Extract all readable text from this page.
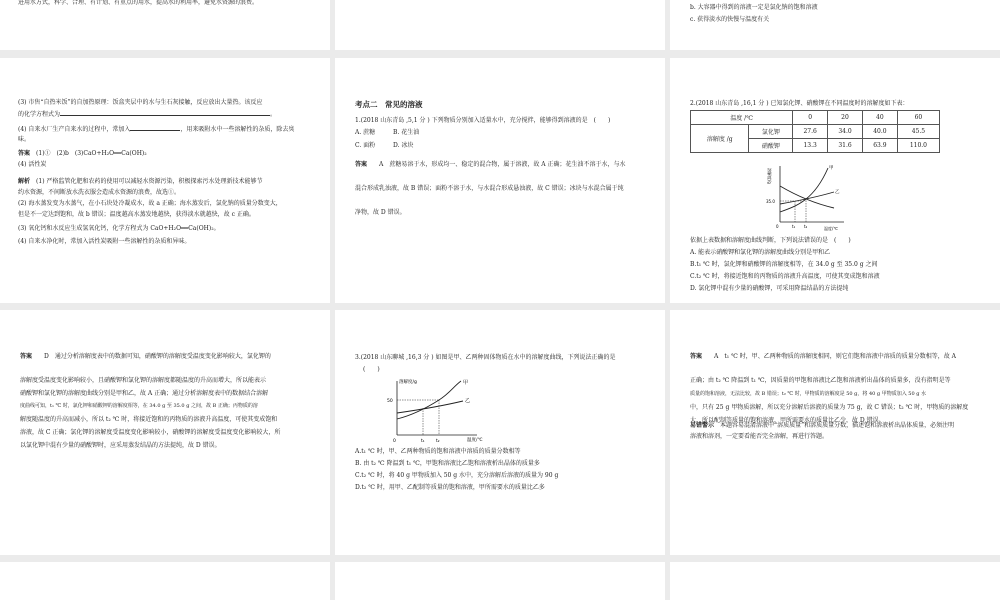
进用水方式，科学、合理、有计划、有重点的用水，提高水的利用率，避免水资源的浪费。
b. 大容器中得到的溶液一定是氯化钠的饱和溶液
c. 获得淡水的快慢与温度有关
(3) 市售“自热米饭”的自加热原理：饭盒夹层中的水与生石灰接触，反应放出大量热。该反应
的化学方程式为	。
(4) 自来水厂生产自来水的过程中，常加入	，用来吸附水中一些溶解性的杂质，除去臭
味。
答案　 (1)①　(2)b　(3)CaO+H₂O══Ca(OH)₂
(4) 活性炭
解析　 (1) 严格监管化肥和农药的使用可以减轻水资源污染，积极探索污水处理新技术能够节
约水资源，不间断放水洗衣服会造成水资源的浪费，故选①。
(2) 海水蒸发变为水蒸气，在小石块处冷凝成水，故 a 正确；海水蒸发后，氯化钠的质量分数变大，
但是不一定达到饱和，故 b 错误；温度越高水蒸发地越快，获得淡水就越快，故 c 正确。
(3) 氧化钙和水反应生成氢氧化钙，化学方程式为 CaO+H₂O══Ca(OH)₂。
(4) 自来水净化时，常加入活性炭吸附一些溶解性的杂质和异味。
考点二　常见的溶液
1.(2018 山东青岛 ,5,1 分 ) 下列物质分别加入适量水中，充分搅拌，能够得到溶液的是　(　　)
A. 蔗糖	B. 花生油
C. 面粉	D. 冰块
答案　　 A　蔗糖易溶于水，形成均一、稳定的混合物，属于溶液，故 A 正确；花生油不溶于水，与水
混合形成乳浊液，故 B 错误；面粉不溶于水，与水混合形成悬浊液，故 C 错误；冰块与水混合属于纯
净物，故 D 错误。
2.(2018 山东青岛 ,16,1 分 ) 已知氯化钾、硝酸钾在不同温度时的溶解度如下表：
温度 /℃		0	20	40	60
溶解度 /g	氯化钾	27.6	34.0	40.0	45.5
	硝酸钾	13.3	31.6	63.9	110.0
溶解度/g
温度/℃
35.0
0	t₁ t₂
甲
乙
依据上表数据和溶解度曲线判断，下列说法错误的是　(　　)
A. 能表示硝酸钾和氯化钾的溶解度曲线分别是甲和乙
B.t₁ ℃ 时，氯化钾和硝酸钾的溶解度相等，在 34.0 g 至 35.0 g 之间
C.t₂ ℃ 时，将接近饱和的丙物质的溶液升高温度，可使其变成饱和溶液
D. 氯化钾中混有少量的硝酸钾，可采用降温结晶的方法提纯
答案　　 D　通过分析溶解度表中的数据可知，硝酸钾的溶解度受温度变化影响较大，氯化钾的
溶解度受温度变化影响较小，且硝酸钾和氯化钾的溶解度都随温度的升高而增大，所以能表示
硝酸钾和氯化钾的溶解度曲线分别是甲和乙，故 A 正确；通过分析溶解度表中的数据结合溶解
度曲线可知，t₁ ℃ 时，氯化钾和硝酸钾的溶解度相等，在 34.0 g 至 35.0 g 之间，故 B 正确；丙物质的溶
解度随温度的升高而减小，所以 t₂ ℃ 时，将接近饱和的丙物质的溶液升高温度，可使其变成饱和
溶液，故 C 正确；氯化钾的溶解度受温度变化影响较小，硝酸钾的溶解度受温度变化影响较大，所
以氯化钾中混有少量的硝酸钾时，应采用蒸发结晶的方法提纯，故 D 错误。
3.(2018 山东聊城 ,16,3 分 ) 如图是甲、乙两种固体物质在水中的溶解度曲线，下列说法正确的是
(　　)
溶解度/g
温度/℃
50
0	t₁	t₂
甲
乙
A.t₁ ℃ 时，甲、乙两种物质的饱和溶液中溶质的质量分数相等
B. 由 t₂ ℃ 降温到 t₁ ℃，甲饱和溶液比乙饱和溶液析出晶体的质量多
C.t₂ ℃ 时，将 40 g 甲物质加入 50 g 水中，充分溶解后溶液的质量为 90 g
D.t₂ ℃ 时，用甲、乙配制等质量的饱和溶液，甲所需要水的质量比乙多
答案　　 A　t₁ ℃ 时，甲、乙两种物质的溶解度相同，则它们饱和溶液中溶质的质量分数相等，故 A
正确；由 t₂ ℃ 降温到 t₁ ℃，因质量的甲饱和溶液比乙饱和溶液析出晶体的质量多，没有指明是等
质量的饱和溶液，无法比较，故 B 错误；t₂ ℃ 时，甲物质的溶解度是 50 g，将 40 g 甲物质加入 50 g 水
中，只有 25 g 甲物质溶解，所以充分溶解后溶液的质量为 75 g，故 C 错误；t₂ ℃ 时，甲物质的溶解度
大，所以配制等质量的饱和溶液，甲所需要水的质量比乙少，故 D 错误。
易错警示　 本题容易混淆溶液中“溶质质量”和溶质质量分数，描述饱和溶液析出晶体质量，必须注明
溶液和溶剂，一定要看能否完全溶解，再进行答题。
